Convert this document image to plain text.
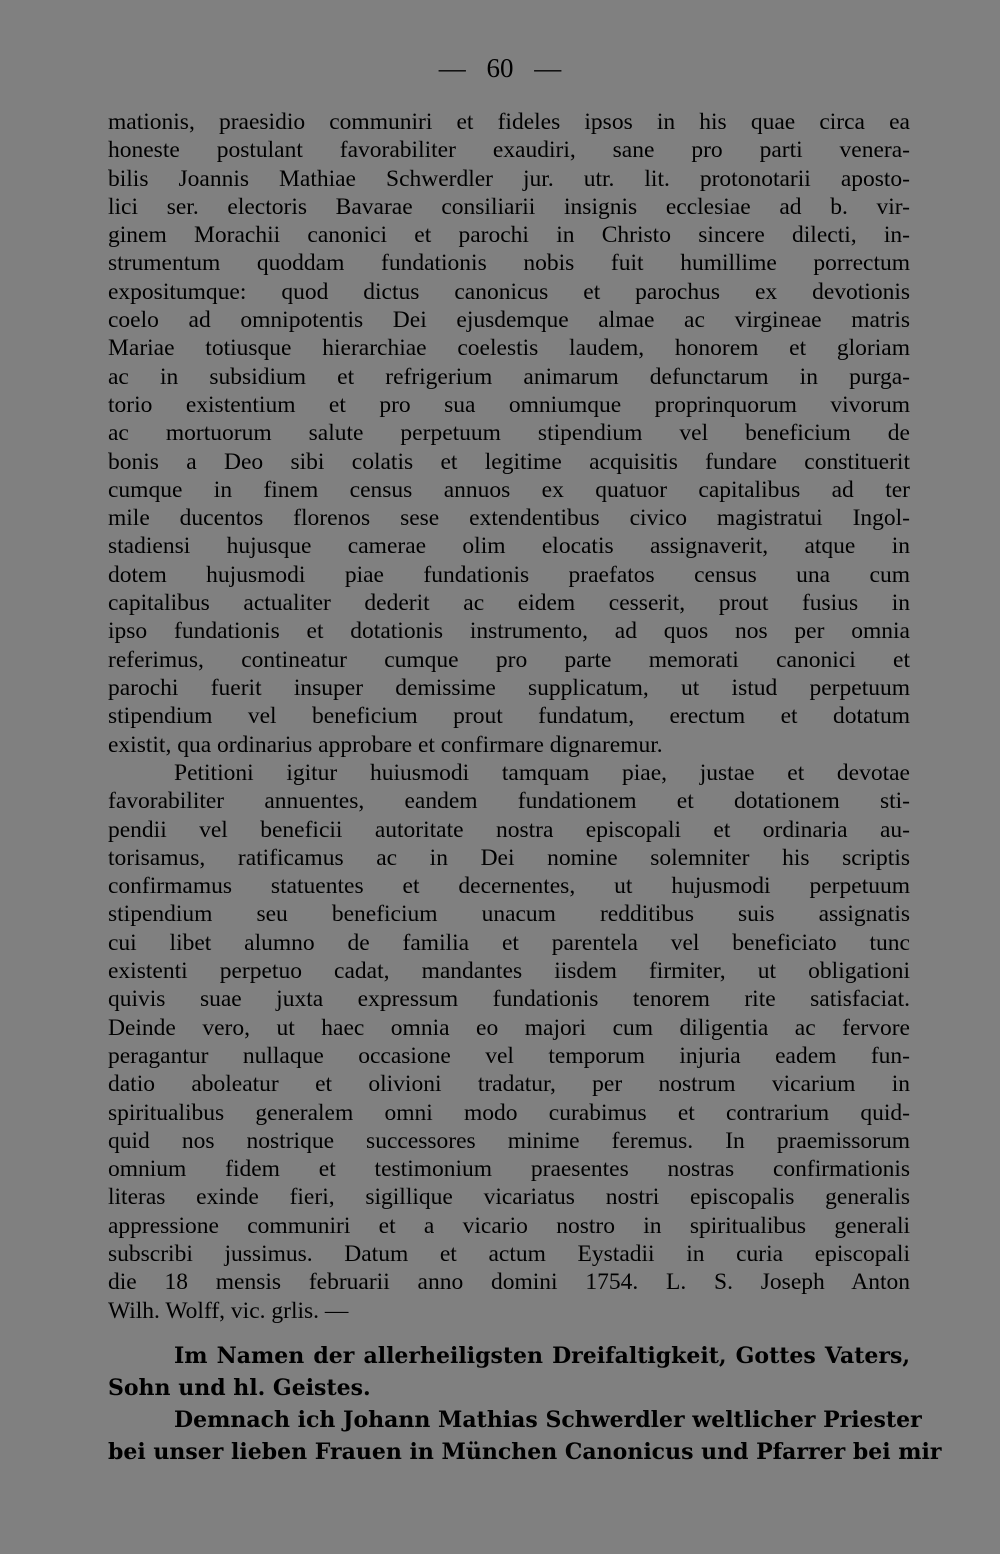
— 60 —
mationis, praesidio communiri et fideles ipsos in his quae circa ea
honeste postulant favorabiliter exaudiri, sane pro parti venera-
bilis Joannis Mathiae Schwerdler jur. utr. lit. protonotarii aposto-
lici ser. electoris Bavarae consiliarii insignis ecclesiae ad b. vir-
ginem Morachii canonici et parochi in Christo sincere dilecti, in-
strumentum quoddam fundationis nobis fuit humillime porrectum
expositumque: quod dictus canonicus et parochus ex devotionis
coelo ad omnipotentis Dei ejusdemque almae ac virgineae matris
Mariae totiusque hierarchiae coelestis laudem, honorem et gloriam
ac in subsidium et refrigerium animarum defunctarum in purga-
torio existentium et pro sua omniumque proprinquorum vivorum
ac mortuorum salute perpetuum stipendium vel beneficium de
bonis a Deo sibi colatis et legitime acquisitis fundare constituerit
cumque in finem census annuos ex quatuor capitalibus ad ter
mile ducentos florenos sese extendentibus civico magistratui Ingol-
stadiensi hujusque camerae olim elocatis assignaverit, atque in
dotem hujusmodi piae fundationis praefatos census una cum
capitalibus actualiter dederit ac eidem cesserit, prout fusius in
ipso fundationis et dotationis instrumento, ad quos nos per omnia
referimus, contineatur cumque pro parte memorati canonici et
parochi fuerit insuper demissime supplicatum, ut istud perpetuum
stipendium vel beneficium prout fundatum, erectum et dotatum
existit, qua ordinarius approbare et confirmare dignaremur.
Petitioni igitur huiusmodi tamquam piae, justae et devotae
favorabiliter annuentes, eandem fundationem et dotationem sti-
pendii vel beneficii autoritate nostra episcopali et ordinaria au-
torisamus, ratificamus ac in Dei nomine solemniter his scriptis
confirmamus statuentes et decernentes, ut hujusmodi perpetuum
stipendium seu beneficium unacum redditibus suis assignatis
cui libet alumno de familia et parentela vel beneficiato tunc
existenti perpetuo cadat, mandantes iisdem firmiter, ut obligationi
quivis suae juxta expressum fundationis tenorem rite satisfaciat.
Deinde vero, ut haec omnia eo majori cum diligentia ac fervore
peragantur nullaque occasione vel temporum injuria eadem fun-
datio aboleatur et olivioni tradatur, per nostrum vicarium in
spiritualibus generalem omni modo curabimus et contrarium quid-
quid nos nostrique successores minime feremus. In praemissorum
omnium fidem et testimonium praesentes nostras confirmationis
literas exinde fieri, sigillique vicariatus nostri episcopalis generalis
appressione communiri et a vicario nostro in spiritualibus generali
subscribi jussimus. Datum et actum Eystadii in curia episcopali
die 18 mensis februarii anno domini 1754. L. S. Joseph Anton
Wilh. Wolff, vic. grlis. —
Im Namen der allerheiligsten Dreifaltigkeit, Gottes Vaters,
Sohn und hl. Geistes.
Demnach ich Johann Mathias Schwerdler weltlicher Priester
bei unser lieben Frauen in München Canonicus und Pfarrer bei mir
